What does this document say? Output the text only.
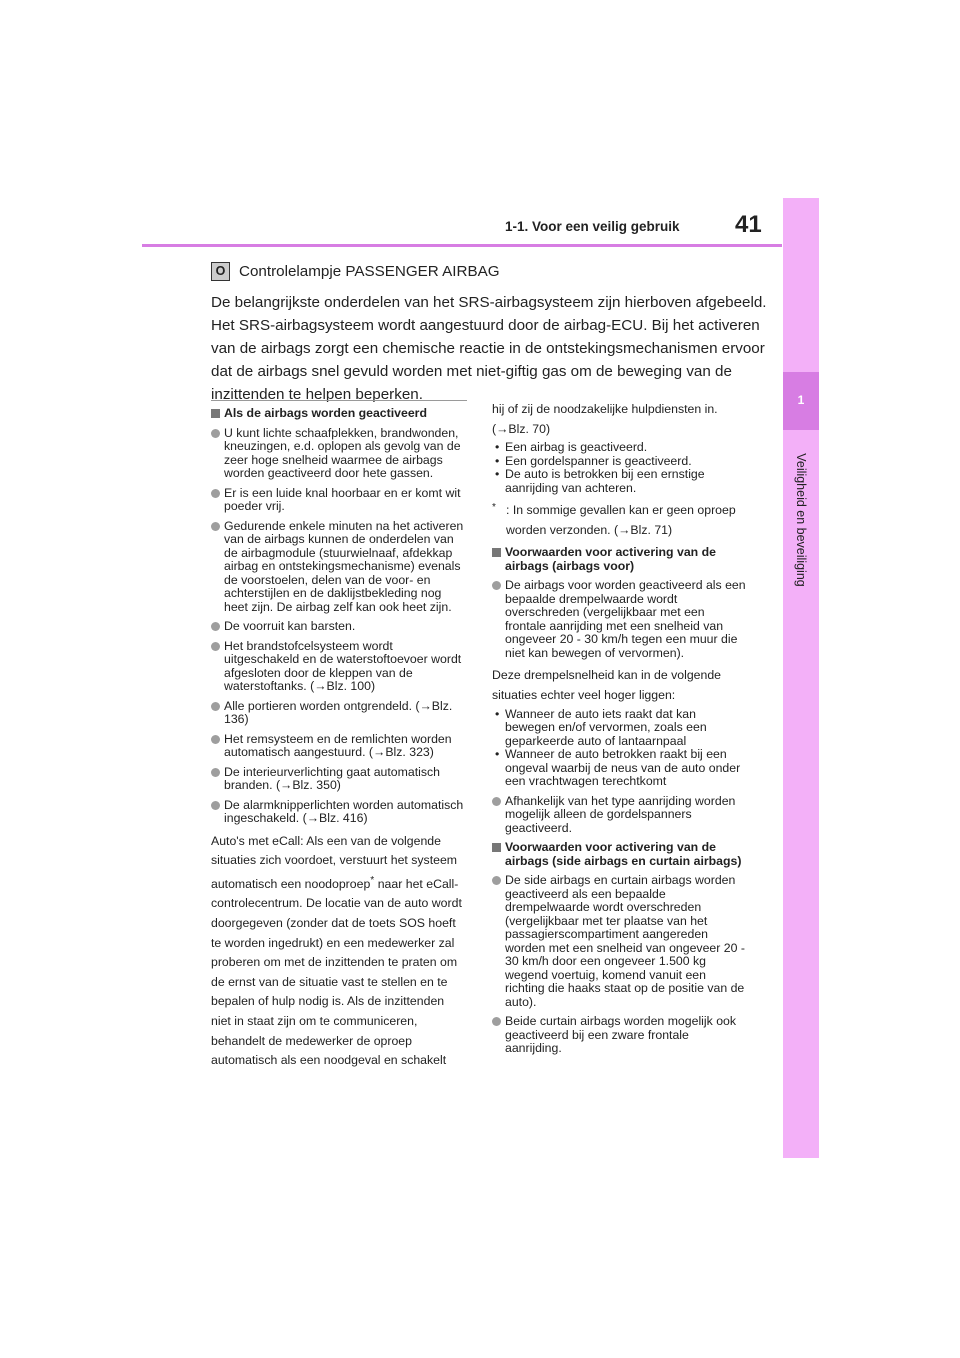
1-1. Voor een veilig gebruik 41
1
Veiligheid en beveiliging
O Controlelampje PASSENGER AIRBAG
De belangrijkste onderdelen van het SRS-airbagsysteem zijn hierboven afgebeeld. Het SRS-airbagsysteem wordt aangestuurd door de airbag-ECU. Bij het activeren van de airbags zorgt een chemische reactie in de ontstekingsmechanismen ervoor dat de airbags snel gevuld worden met niet-giftig gas om de beweging van de inzittenden te helpen beperken.
Als de airbags worden geactiveerd
U kunt lichte schaafplekken, brandwonden, kneuzingen, e.d. oplopen als gevolg van de zeer hoge snelheid waarmee de airbags worden geactiveerd door hete gassen.
Er is een luide knal hoorbaar en er komt wit poeder vrij.
Gedurende enkele minuten na het activeren van de airbags kunnen de onderdelen van de airbagmodule (stuurwielnaaf, afdekkap airbag en ontstekingsmechanisme) evenals de voorstoelen, delen van de voor- en achterstijlen en de daklijstbekleding nog heet zijn. De airbag zelf kan ook heet zijn.
De voorruit kan barsten.
Het brandstofcelsysteem wordt uitgeschakeld en de waterstoftoevoer wordt afgesloten door de kleppen van de waterstoftanks. (→Blz. 100)
Alle portieren worden ontgrendeld. (→Blz. 136)
Het remsysteem en de remlichten worden automatisch aangestuurd. (→Blz. 323)
De interieurverlichting gaat automatisch branden. (→Blz. 350)
De alarmknipperlichten worden automatisch ingeschakeld. (→Blz. 416)
Auto's met eCall: Als een van de volgende situaties zich voordoet, verstuurt het systeem automatisch een noodoproep* naar het eCall-controlecentrum. De locatie van de auto wordt doorgegeven (zonder dat de toets SOS hoeft te worden ingedrukt) en een medewerker zal proberen om met de inzittenden te praten om de ernst van de situatie vast te stellen en te bepalen of hulp nodig is. Als de inzittenden niet in staat zijn om te communiceren, behandelt de medewerker de oproep automatisch als een noodgeval en schakelt
hij of zij de noodzakelijke hulpdiensten in. (→Blz. 70)
• Een airbag is geactiveerd.
• Een gordelspanner is geactiveerd.
• De auto is betrokken bij een ernstige aanrijding van achteren.
* : In sommige gevallen kan er geen oproep worden verzonden. (→Blz. 71)
Voorwaarden voor activering van de airbags (airbags voor)
De airbags voor worden geactiveerd als een bepaalde drempelwaarde wordt overschreden (vergelijkbaar met een frontale aanrijding met een snelheid van ongeveer 20 - 30 km/h tegen een muur die niet kan bewegen of vervormen).
Deze drempelsnelheid kan in de volgende situaties echter veel hoger liggen:
• Wanneer de auto iets raakt dat kan bewegen en/of vervormen, zoals een geparkeerde auto of lantaarnpaal
• Wanneer de auto betrokken raakt bij een ongeval waarbij de neus van de auto onder een vrachtwagen terechtkomt
Afhankelijk van het type aanrijding worden mogelijk alleen de gordelspanners geactiveerd.
Voorwaarden voor activering van de airbags (side airbags en curtain airbags)
De side airbags en curtain airbags worden geactiveerd als een bepaalde drempelwaarde wordt overschreden (vergelijkbaar met ter plaatse van het passagierscompartiment aangereden worden met een snelheid van ongeveer 20 - 30 km/h door een ongeveer 1.500 kg wegend voertuig, komend vanuit een richting die haaks staat op de positie van de auto).
Beide curtain airbags worden mogelijk ook geactiveerd bij een zware frontale aanrijding.
